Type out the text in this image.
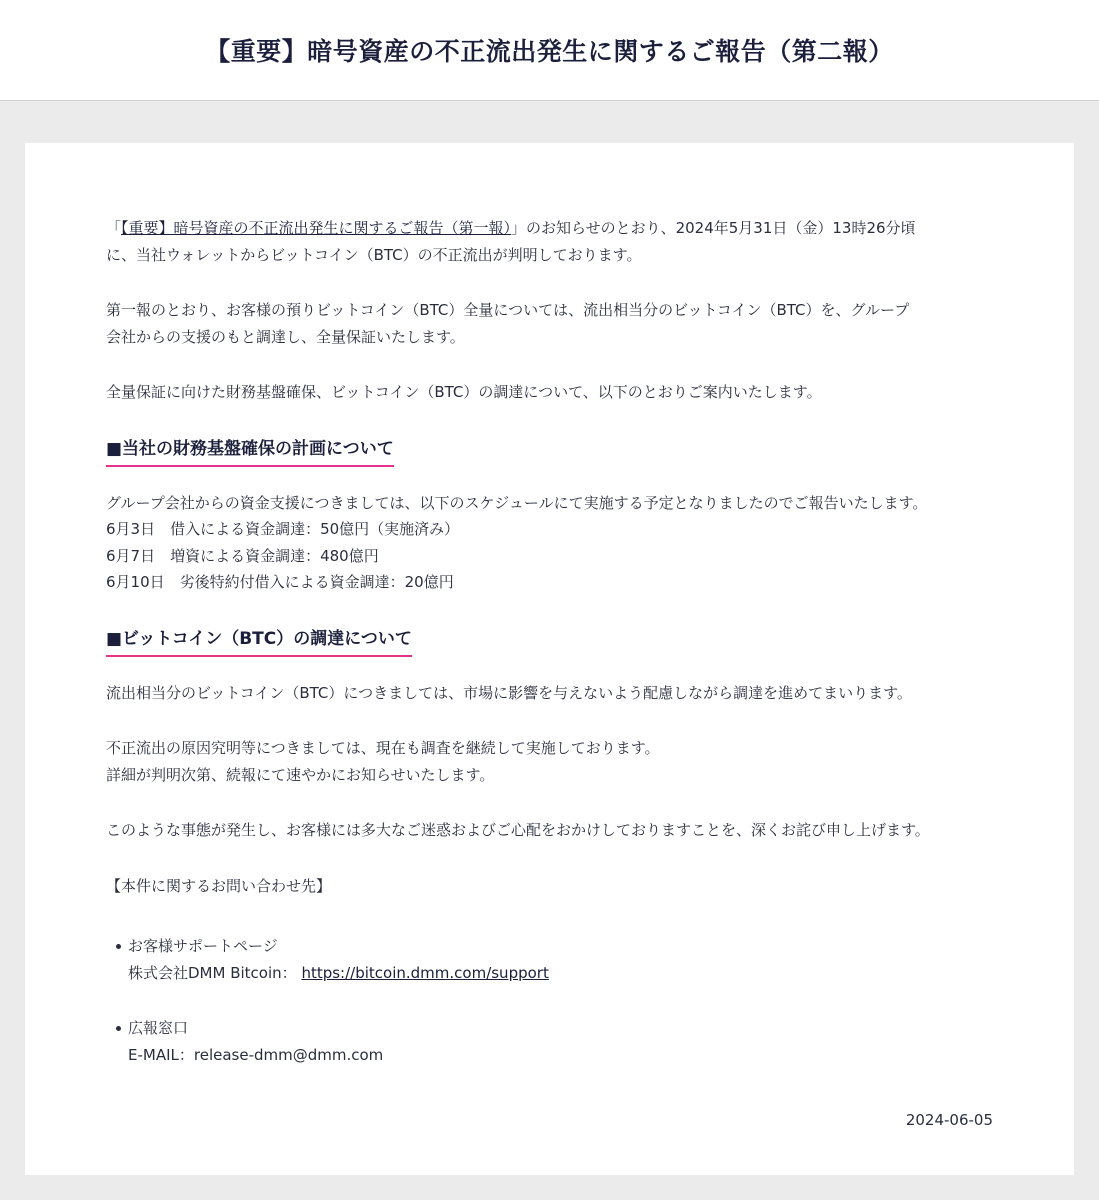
【重要】暗号資産の不正流出発生に関するご報告（第二報）

「【重要】暗号資産の不正流出発生に関するご報告（第一報）」のお知らせのとおり、2024年5月31日（金）13時26分頃
に、当社ウォレットからビットコイン（BTC）の不正流出が判明しております。

第一報のとおり、お客様の預りビットコイン（BTC）全量については、流出相当分のビットコイン（BTC）を、グループ
会社からの支援のもと調達し、全量保証いたします。

全量保証に向けた財務基盤確保、ビットコイン（BTC）の調達について、以下のとおりご案内いたします。

■当社の財務基盤確保の計画について

グループ会社からの資金支援につきましては、以下のスケジュールにて実施する予定となりましたのでご報告いたします。

6月3日　借入による資金調達：50億円（実施済み）
6月7日　増資による資金調達：480億円
6月10日　劣後特約付借入による資金調達：20億円
■ビットコイン（BTC）の調達について

流出相当分のビットコイン（BTC）につきましては、市場に影響を与えないよう配慮しながら調達を進めてまいります。

不正流出の原因究明等につきましては、現在も調査を継続して実施しております。
詳細が判明次第、続報にて速やかにお知らせいたします。

このような事態が発生し、お客様には多大なご迷惑およびご心配をおかけしておりますことを、深くお詫び申し上げます。

【本件に関するお問い合わせ先】

お客様サポートページ
株式会社DMM Bitcoin： https://bitcoin.dmm.com/support
広報窓口
E-MAIL：release-dmm@dmm.com
2024-06-05
